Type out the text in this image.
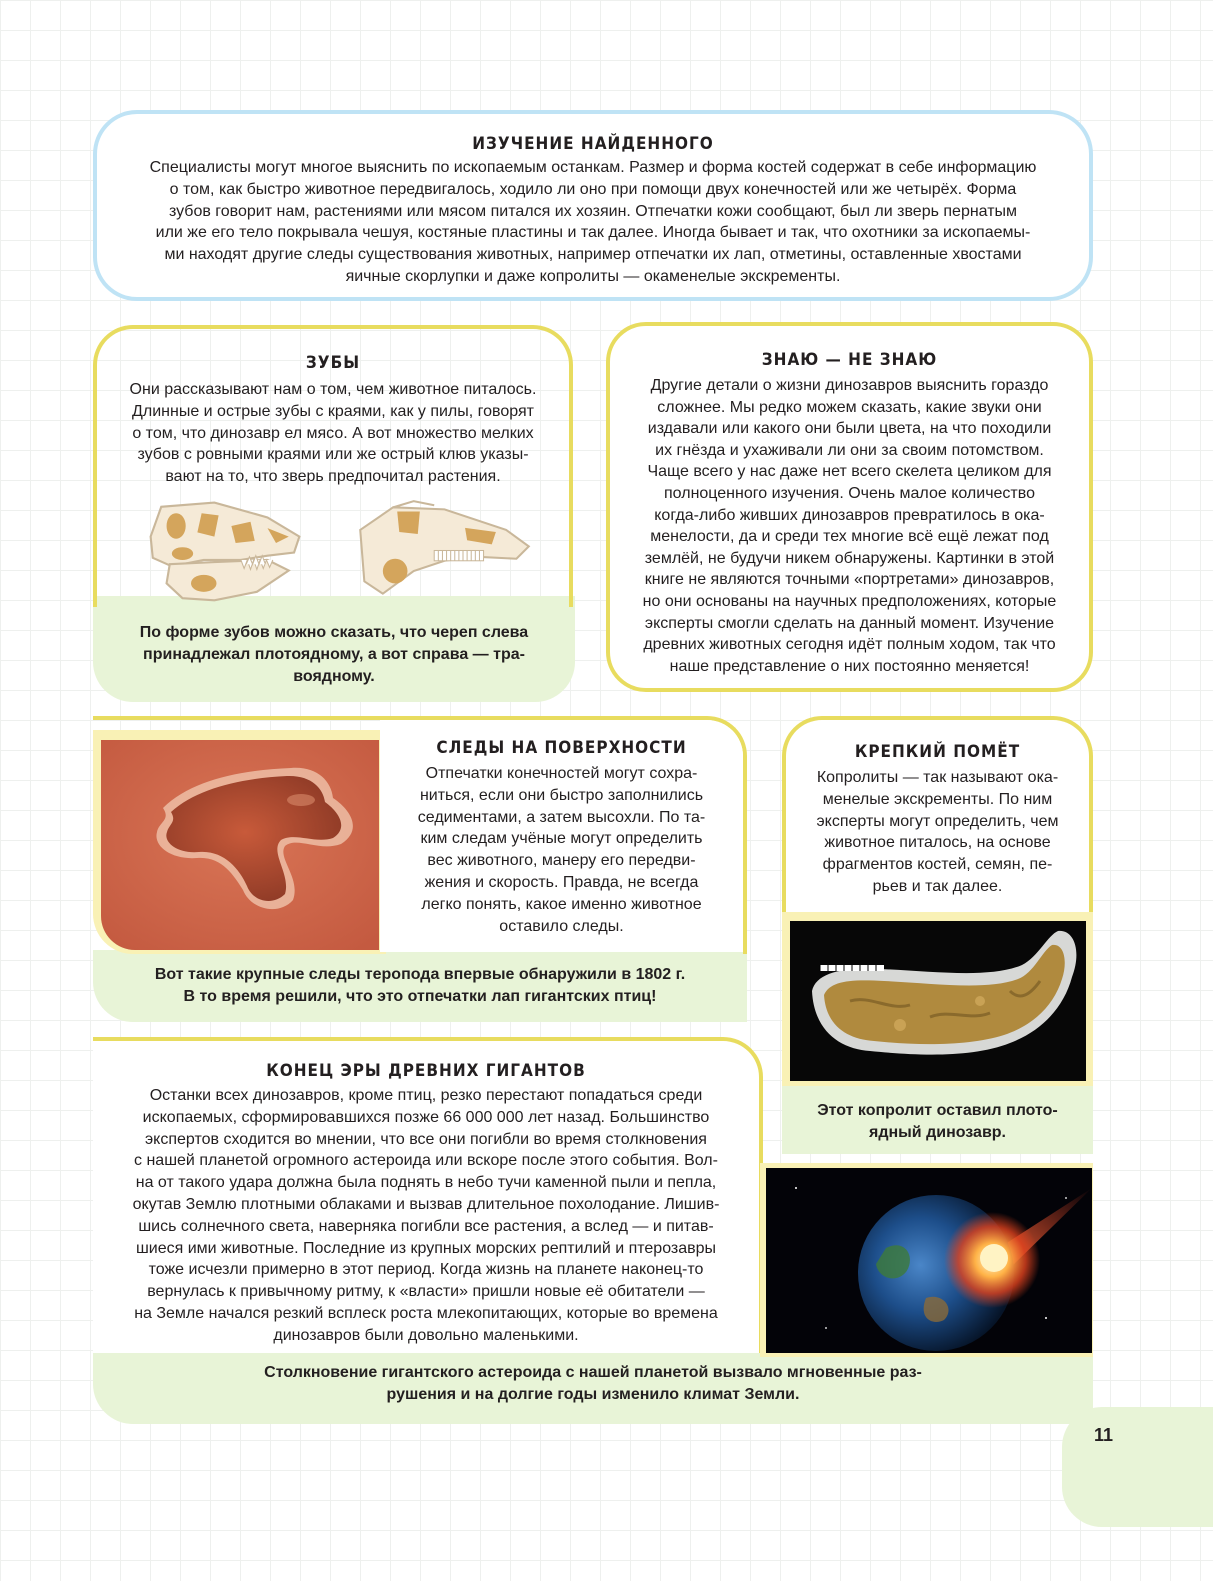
ИЗУЧЕНИЕ НАЙДЕННОГО
Специалисты могут многое выяснить по ископаемым останкам. Размер и форма костей содержат в себе информацию
о том, как быстро животное передвигалось, ходило ли оно при помощи двух конечностей или же четырёх. Форма
зубов говорит нам, растениями или мясом питался их хозяин. Отпечатки кожи сообщают, был ли зверь пернатым
или же его тело покрывала чешуя, костяные пластины и так далее. Иногда бывает и так, что охотники за ископаемы-
ми находят другие следы существования животных, например отпечатки их лап, отметины, оставленные хвостами
яичные скорлупки и даже копролиты — окаменелые экскременты.
По форме зубов можно сказать, что череп слева
принадлежал плотоядному, а вот справа — тра-
воядному.
ЗУБЫ
Они рассказывают нам о том, чем животное питалось.
Длинные и острые зубы с краями, как у пилы, говорят
о том, что динозавр ел мясо. А вот множество мелких
зубов с ровными краями или же острый клюв указы-
вают на то, что зверь предпочитал растения.
ЗНАЮ — НЕ ЗНАЮ
Другие детали о жизни динозавров выяснить гораздо
сложнее. Мы редко можем сказать, какие звуки они
издавали или какого они были цвета, на что походили
их гнёзда и ухаживали ли они за своим потомством.
Чаще всего у нас даже нет всего скелета целиком для
полноценного изучения. Очень малое количество
когда-либо живших динозавров превратилось в ока-
менелости, да и среди тех многие всё ещё лежат под
землёй, не будучи никем обнаружены. Картинки в этой
книге не являются точными «портретами» динозавров,
но они основаны на научных предположениях, которые
эксперты смогли сделать на данный момент. Изучение
древних животных сегодня идёт полным ходом, так что
наше представление о них постоянно меняется!
Вот такие крупные следы теропода впервые обнаружили в 1802 г.
В то время решили, что это отпечатки лап гигантских птиц!
СЛЕДЫ НА ПОВЕРХНОСТИ
Отпечатки конечностей могут сохра-
ниться, если они быстро заполнились
седиментами, а затем высохли. По та-
ким следам учёные могут определить
вес животного, манеру его передви-
жения и скорость. Правда, не всегда
легко понять, какое именно животное
оставило следы.
Этот копролит оставил плото-
ядный динозавр.
КРЕПКИЙ ПОМЁТ
Копролиты — так называют ока-
менелые экскременты. По ним
эксперты могут определить, чем
животное питалось, на основе
фрагментов костей, семян, пе-
рьев и так далее.
Столкновение гигантского астероида с нашей планетой вызвало мгновенные раз-
рушения и на долгие годы изменило климат Земли.
КОНЕЦ ЭРЫ ДРЕВНИХ ГИГАНТОВ
Останки всех динозавров, кроме птиц, резко перестают попадаться среди
ископаемых, сформировавшихся позже 66 000 000 лет назад. Большинство
экспертов сходится во мнении, что все они погибли во время столкновения
с нашей планетой огромного астероида или вскоре после этого события. Вол-
на от такого удара должна была поднять в небо тучи каменной пыли и пепла,
окутав Землю плотными облаками и вызвав длительное похолодание. Лишив-
шись солнечного света, наверняка погибли все растения, а вслед — и питав-
шиеся ими животные. Последние из крупных морских рептилий и птерозавры
тоже исчезли примерно в этот период. Когда жизнь на планете наконец-то
вернулась к привычному ритму, к «власти» пришли новые её обитатели —
на Земле начался резкий всплеск роста млекопитающих, которые во времена
динозавров были довольно маленькими.
11
